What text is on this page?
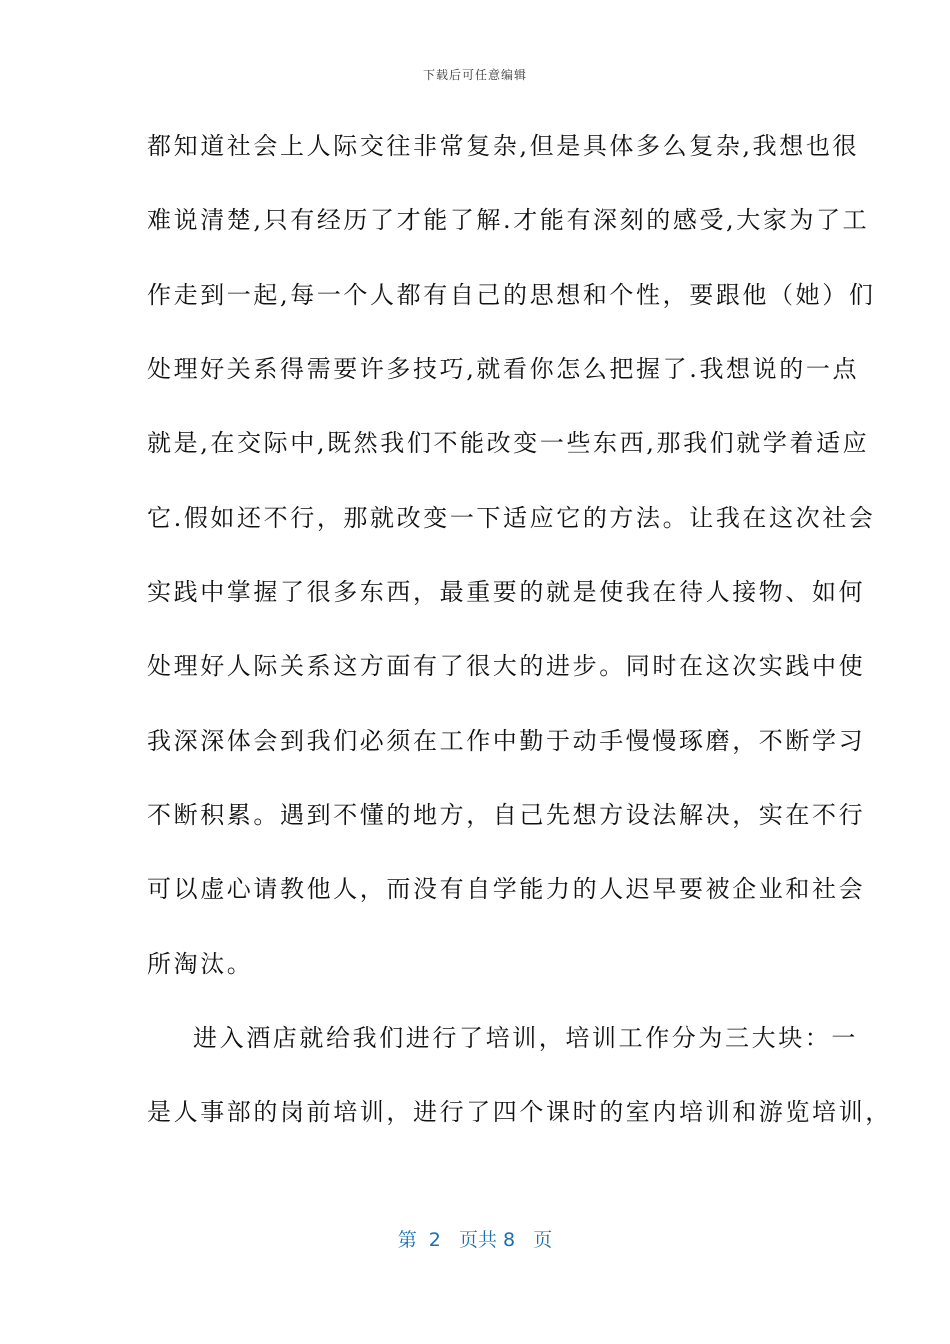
下载后可任意编辑
都知道社会上人际交往非常复杂,但是具体多么复杂,我想也很
难说清楚,只有经历了才能了解.才能有深刻的感受,大家为了工
作走到一起,每一个人都有自己的思想和个性，要跟他（她）们
处理好关系得需要许多技巧,就看你怎么把握了.我想说的一点
就是,在交际中,既然我们不能改变一些东西,那我们就学着适应
它.假如还不行，那就改变一下适应它的方法。让我在这次社会
实践中掌握了很多东西，最重要的就是使我在待人接物、如何
处理好人际关系这方面有了很大的进步。同时在这次实践中使
我深深体会到我们必须在工作中勤于动手慢慢琢磨，不断学习
不断积累。遇到不懂的地方，自己先想方设法解决，实在不行
可以虚心请教他人，而没有自学能力的人迟早要被企业和社会
所淘汰。
进入酒店就给我们进行了培训，培训工作分为三大块：一
是人事部的岗前培训，进行了四个课时的室内培训和游览培训，
第  2   页共 8   页
